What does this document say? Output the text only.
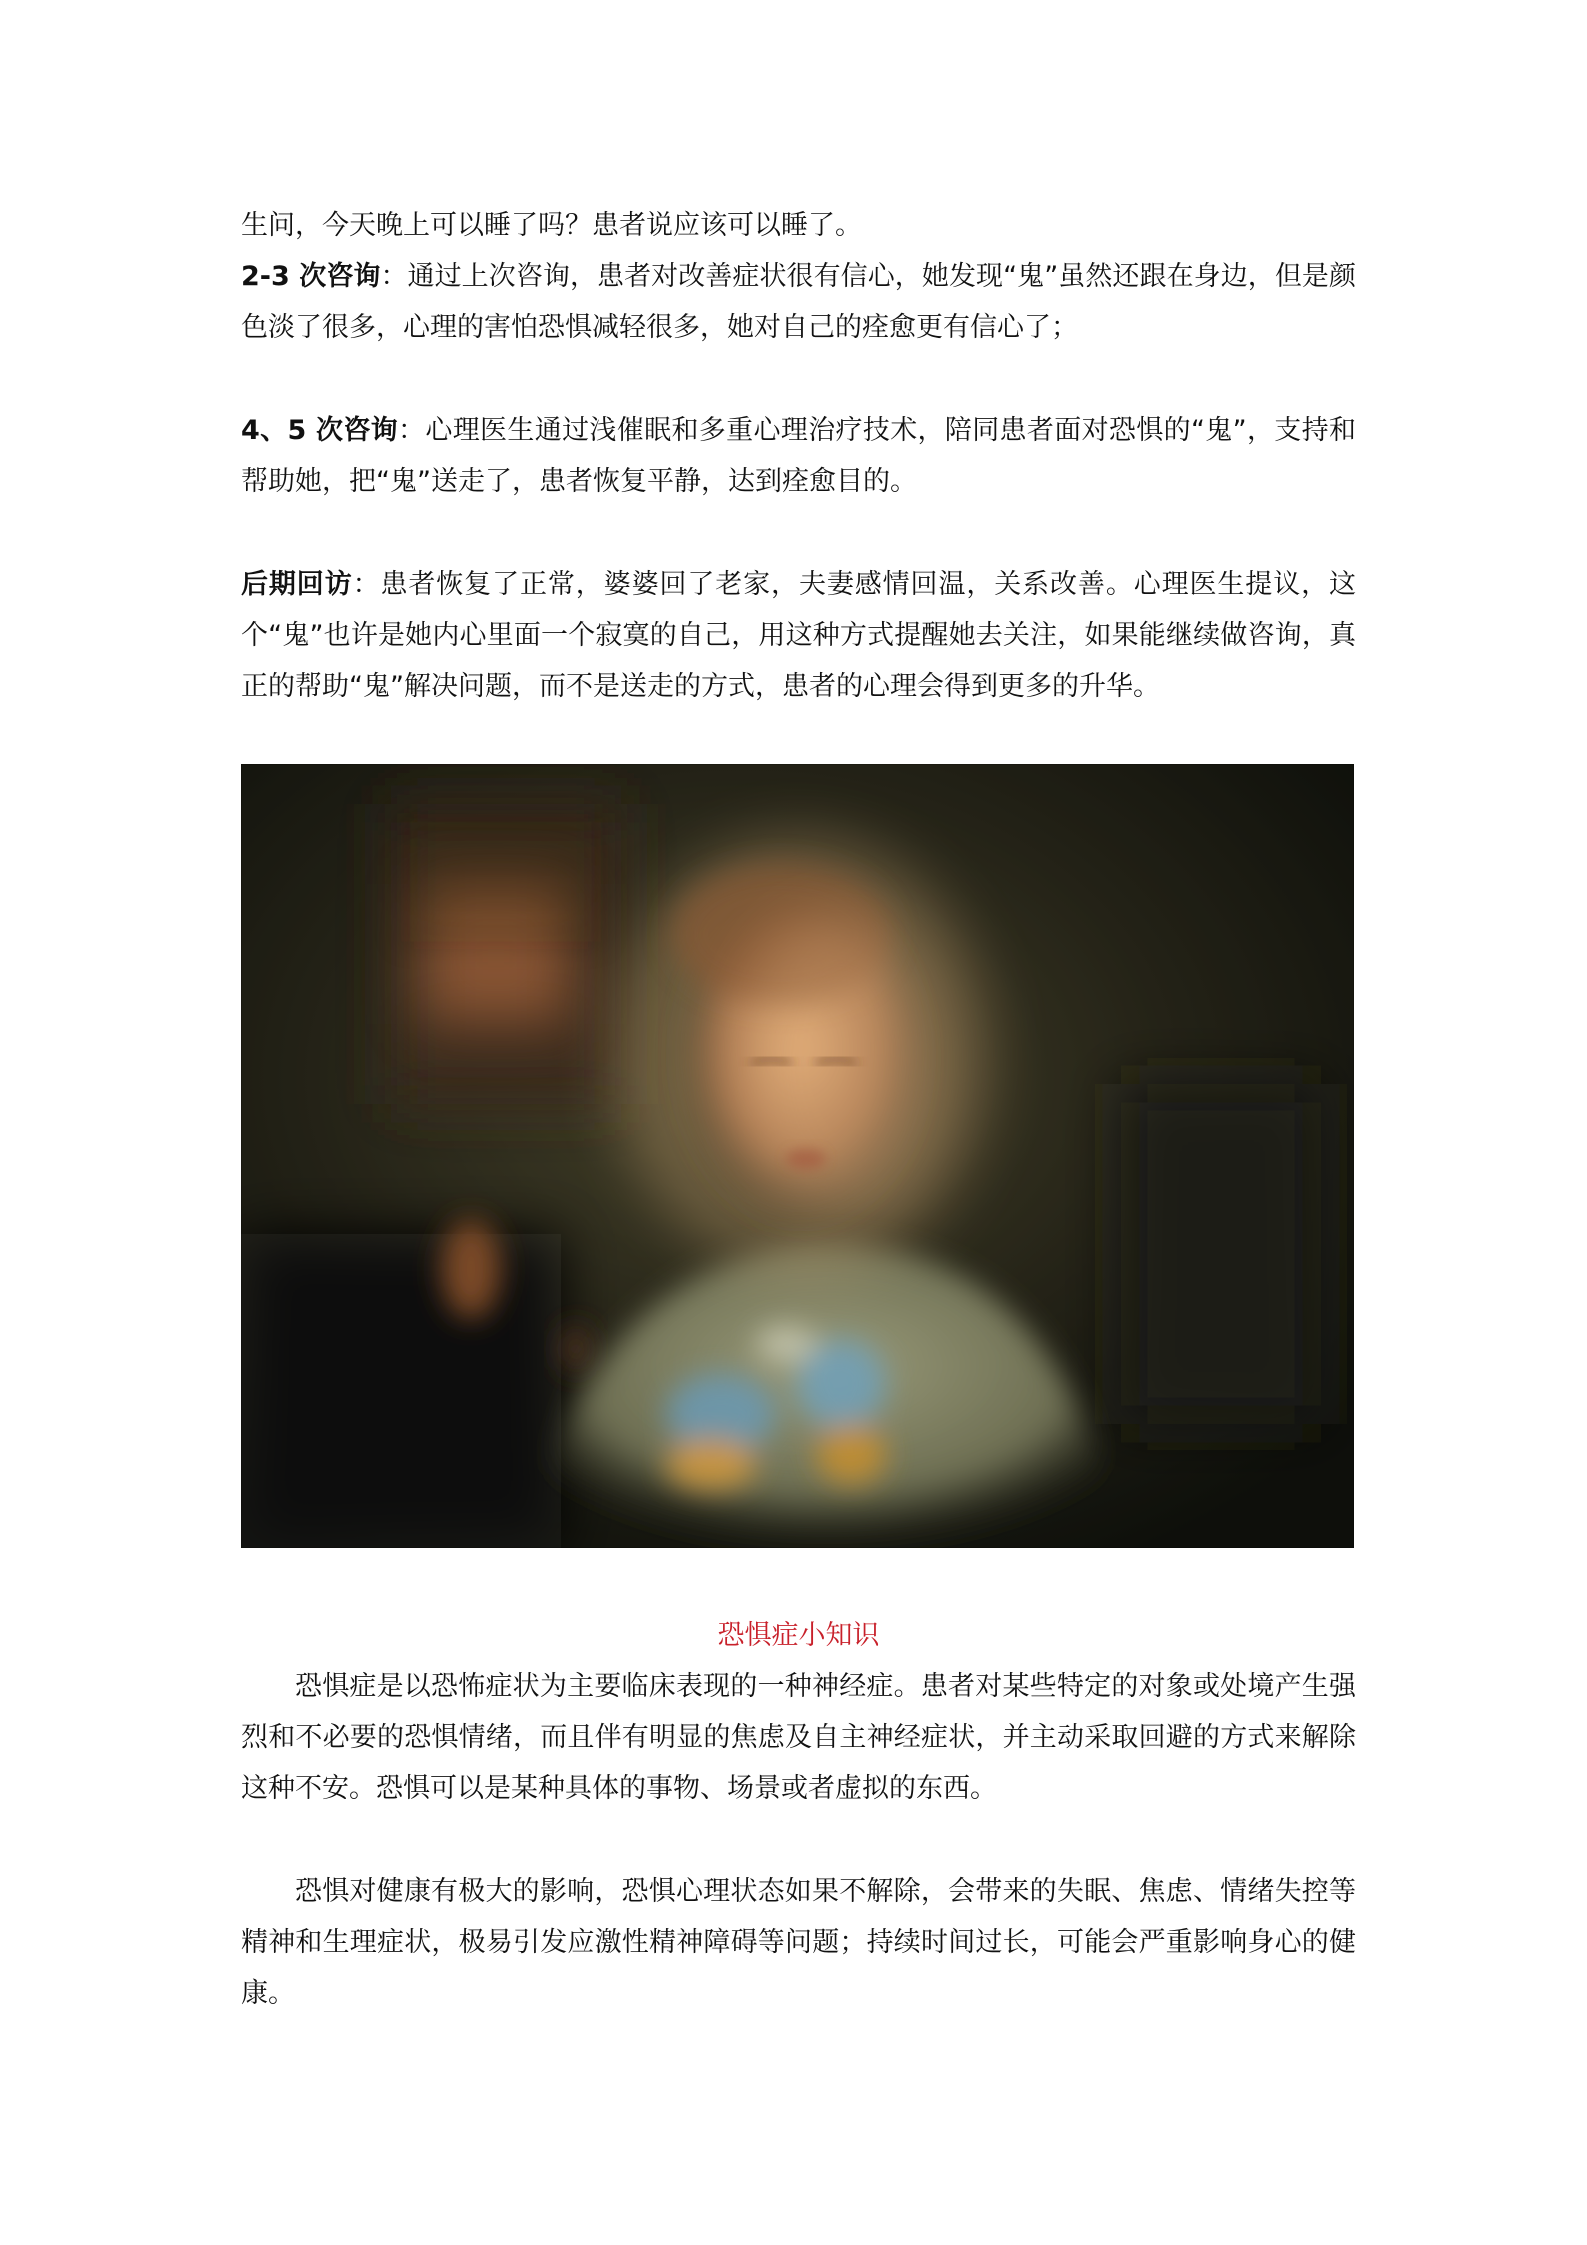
生问，今天晚上可以睡了吗？患者说应该可以睡了。

2-3 次咨询：通过上次咨询，患者对改善症状很有信心，她发现“鬼”虽然还跟在身边，但是颜色淡了很多，心理的害怕恐惧减轻很多，她对自己的痊愈更有信心了；

4、5 次咨询：心理医生通过浅催眠和多重心理治疗技术，陪同患者面对恐惧的“鬼”，支持和帮助她，把“鬼”送走了，患者恢复平静，达到痊愈目的。

后期回访：患者恢复了正常，婆婆回了老家，夫妻感情回温，关系改善。心理医生提议，这个“鬼”也许是她内心里面一个寂寞的自己，用这种方式提醒她去关注，如果能继续做咨询，真正的帮助“鬼”解决问题，而不是送走的方式，患者的心理会得到更多的升华。

恐惧症小知识

恐惧症是以恐怖症状为主要临床表现的一种神经症。患者对某些特定的对象或处境产生强烈和不必要的恐惧情绪，而且伴有明显的焦虑及自主神经症状，并主动采取回避的方式来解除这种不安。恐惧可以是某种具体的事物、场景或者虚拟的东西。

恐惧对健康有极大的影响，恐惧心理状态如果不解除，会带来的失眠、焦虑、情绪失控等精神和生理症状，极易引发应激性精神障碍等问题；持续时间过长，可能会严重影响身心的健康。
